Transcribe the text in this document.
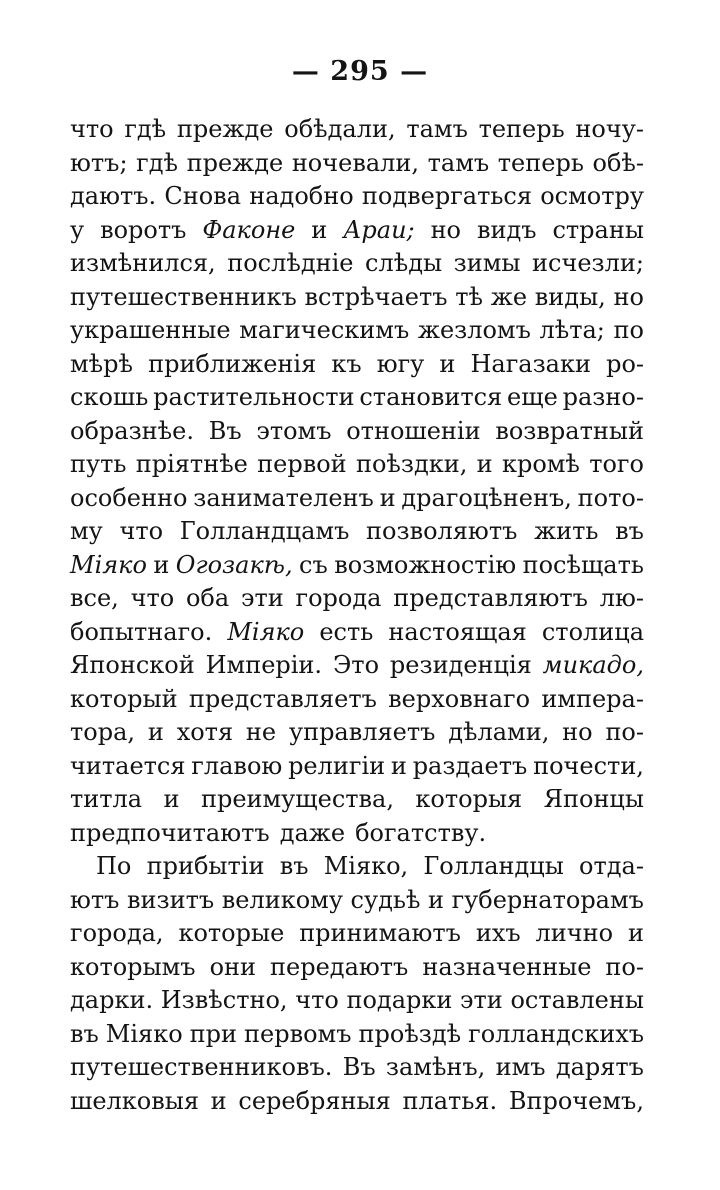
— 295 —
что гдѣ прежде обѣдали, тамъ теперь ночу-
ютъ; гдѣ прежде ночевали, тамъ теперь обѣ-
даютъ. Снова надобно подвергаться осмотру
у воротъ Факоне и Араи; но видъ страны
измѣнился, послѣдніе слѣды зимы исчезли;
путешественникъ встрѣчаетъ тѣ же виды, но
украшенные магическимъ жезломъ лѣта; по
мѣрѣ приближенія къ югу и Нагазаки ро-
скошь растительности становится еще разно-
образнѣе. Въ этомъ отношеніи возвратный
путь пріятнѣе первой поѣздки, и кромѣ того
особенно занимателенъ и драгоцѣненъ, пото-
му что Голландцамъ позволяютъ жить въ
Міяко и Огозакѣ, съ возможностію посѣщать
все, что оба эти города представляютъ лю-
бопытнаго. Міяко есть настоящая столица
Японской Имперіи. Это резиденція микадо,
который представляетъ верховнаго импера-
тора, и хотя не управляетъ дѣлами, но по-
читается главою религіи и раздаетъ почести,
титла и преимущества, которыя Японцы
предпочитаютъ даже богатству.
По прибытіи въ Міяко, Голландцы отда-
ютъ визитъ великому судьѣ и губернаторамъ
города, которые принимаютъ ихъ лично и
которымъ они передаютъ назначенные по-
дарки. Извѣстно, что подарки эти оставлены
въ Міяко при первомъ проѣздѣ голландскихъ
путешественниковъ. Въ замѣнъ, имъ дарятъ
шелковыя и серебряныя платья. Впрочемъ,
